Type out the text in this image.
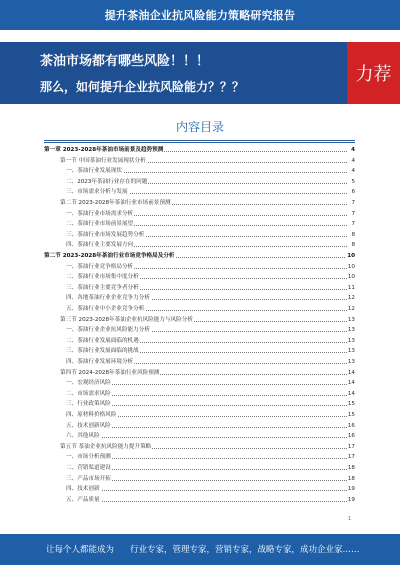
提升茶油企业抗风险能力策略研究报告
茶油市场都有哪些风险！！！
那么，如何提升企业抗风险能力？？？
力荐
内容目录
第一章 2023-2028年茶油市场前景及趋势预测	4
第一节 中国茶油行业发展现状分析	4
一、茶油行业发展现状	4
二、2023年茶油行业存在的问题	5
三、市场需求分析与发展	6
第二节 2023-2028年茶油行业市场前景预测	7
一、茶油行业市场需求分析	7
二、茶油行业市场前景展望	7
三、茶油行业市场发展趋势分析	8
四、茶油行业主要发展方向	8
第二节 2023-2028年茶油行业市场竞争格局及分析	10
一、茶油行业竞争格局分析	10
二、茶油行业市场集中度分析	10
三、茶油行业主要竞争者分析	11
四、各地茶油行业企业竞争力分析	12
五、茶油行业中小企业竞争分析	12
第三节 2023-2028年茶油企业抗风险能力与风险分析	13
一、茶油行业企业抗风险能力分析	13
二、茶油行业发展面临的机遇	13
三、茶油行业发展面临的挑战	13
四、茶油行业发展环境分析	13
第四节 2024-2028年茶油行业风险预测	14
一、宏观经济风险	14
二、市场需求风险	14
三、行业政策风险	15
四、原材料价格风险	15
五、技术创新风险	16
六、其他风险	16
第五节 茶油企业抗风险能力提升策略	17
一、市场分析预测	17
二、营销渠道建设	18
三、产品市场开拓	18
四、技术创新	19
五、产品质量	19
1
让每个人都能成为 行业专家，管理专家，营销专家，战略专家，成功企业家……
